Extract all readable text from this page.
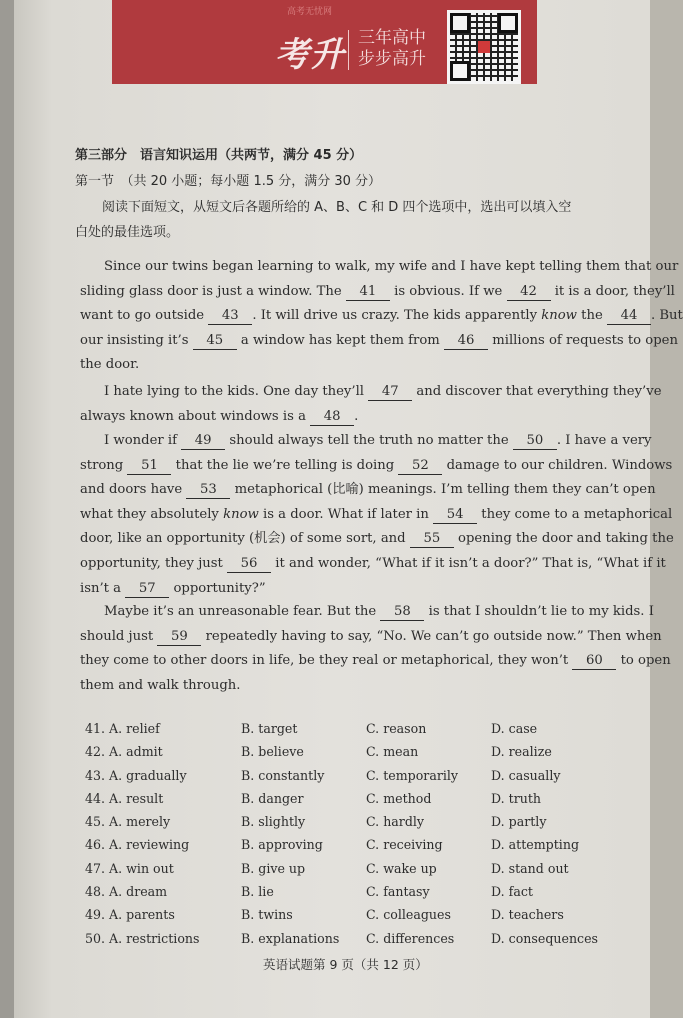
高考无忧网
考升 三年高中
步步高升
第三部分　语言知识运用（共两节，满分 45 分）
第一节　（共 20 小题；每小题 1.5 分，满分 30 分）
阅读下面短文，从短文后各题所给的 A、B、C 和 D 四个选项中，选出可以填入空
白处的最佳选项。
Since our twins began learning to walk, my wife and I have kept telling them that our
sliding glass door is just a window. The 41 is obvious. If we 42 it is a door, they’ll
want to go outside 43 . It will drive us crazy. The kids apparently know the 44 . But
our insisting it’s 45 a window has kept them from 46 millions of requests to open
the door.
I hate lying to the kids. One day they’ll 47 and discover that everything they’ve
always known about windows is a 48 .
I wonder if 49 should always tell the truth no matter the 50 . I have a very
strong 51 that the lie we’re telling is doing 52 damage to our children. Windows
and doors have 53 metaphorical (比喻) meanings. I’m telling them they can’t open
what they absolutely know is a door. What if later in 54 they come to a metaphorical
door, like an opportunity (机会) of some sort, and 55 opening the door and taking the
opportunity, they just 56 it and wonder, “What if it isn’t a door?” That is, “What if it
isn’t a 57 opportunity?”
Maybe it’s an unreasonable fear. But the 58 is that I shouldn’t lie to my kids. I
should just 59 repeatedly having to say, “No. We can’t go outside now.” Then when
they come to other doors in life, be they real or metaphorical, they won’t 60 to open
them and walk through.
41. A. relief	B. target	C. reason	D. case
42. A. admit	B. believe	C. mean	D. realize
43. A. gradually	B. constantly	C. temporarily	D. casually
44. A. result	B. danger	C. method	D. truth
45. A. merely	B. slightly	C. hardly	D. partly
46. A. reviewing	B. approving	C. receiving	D. attempting
47. A. win out	B. give up	C. wake up	D. stand out
48. A. dream	B. lie	C. fantasy	D. fact
49. A. parents	B. twins	C. colleagues	D. teachers
50. A. restrictions	B. explanations C. differences	D. consequences
英语试题第 9 页（共 12 页）
